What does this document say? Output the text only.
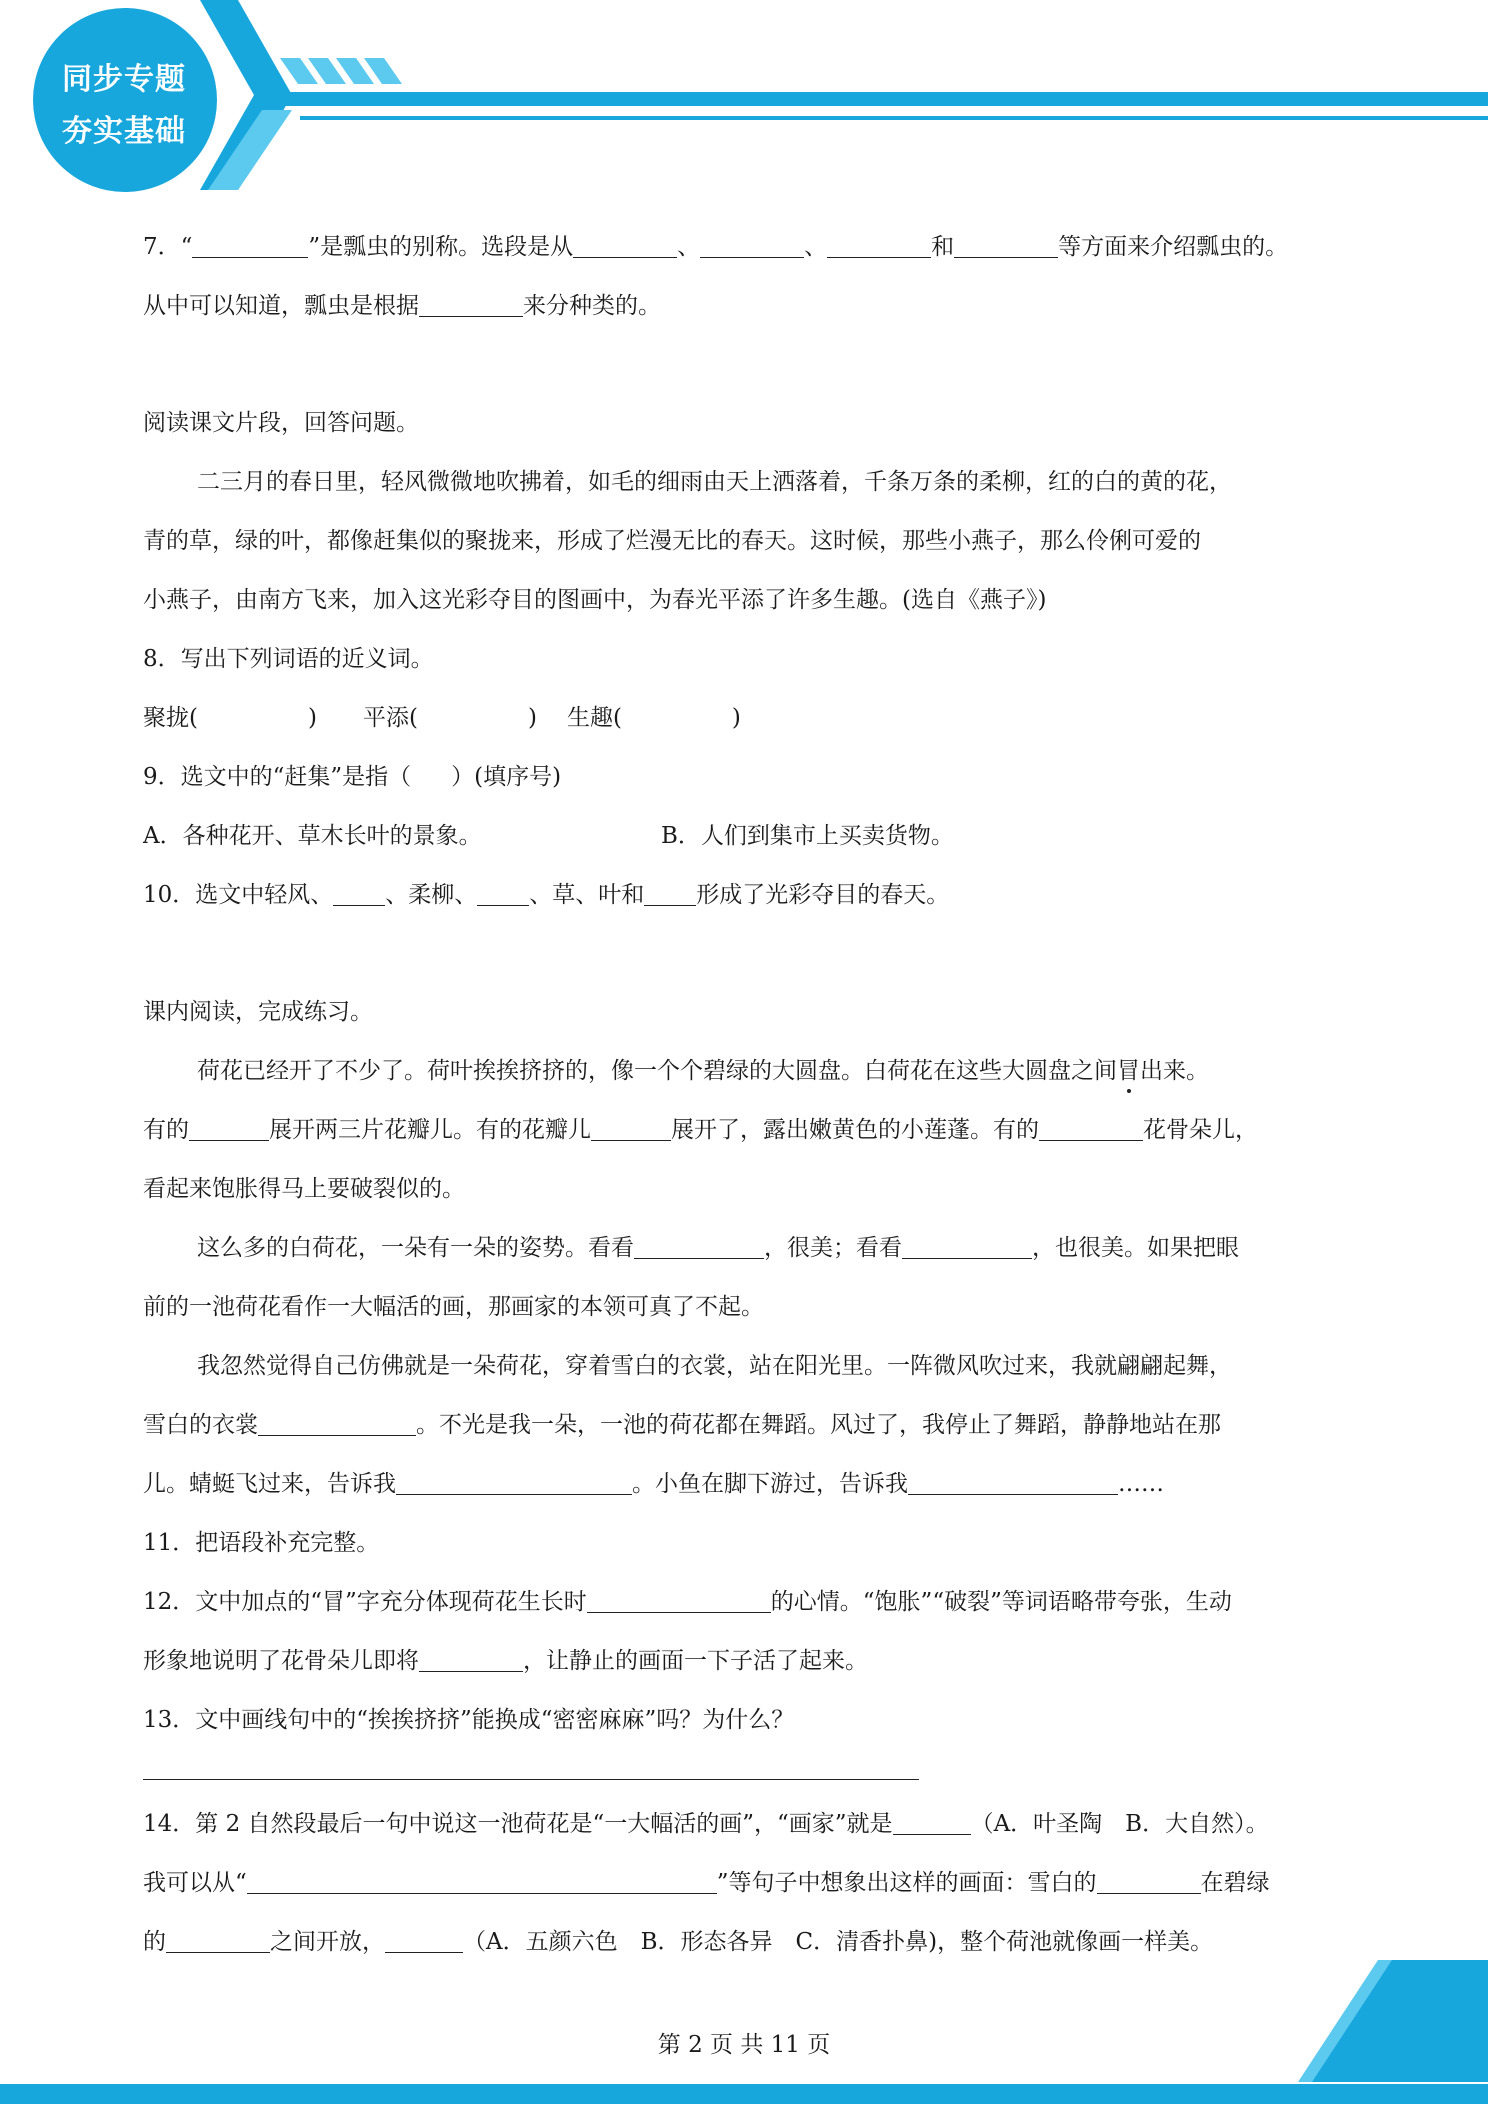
同步专题
夯实基础
7．“	”是瓢虫的别称。选段是从	、	、	和	等方面来介绍瓢虫的。
从中可以知道，瓢虫是根据	来分种类的。
阅读课文片段，回答问题。
二三月的春日里，轻风微微地吹拂着，如毛的细雨由天上洒落着，千条万条的柔柳，红的白的黄的花，
青的草，绿的叶，都像赶集似的聚拢来，形成了烂漫无比的春天。这时候，那些小燕子，那么伶俐可爱的
小燕子，由南方飞来，加入这光彩夺目的图画中，为春光平添了许多生趣。(选自《燕子》)
8．写出下列词语的近义词。
聚拢(	) 平添(	) 生趣(	)
9．选文中的“赶集”是指（ ）(填序号)
A．各种花开、草木长叶的景象。	B．人们到集市上买卖货物。
10．选文中轻风、 、柔柳、 、草、叶和 形成了光彩夺目的春天。
课内阅读，完成练习。
荷花已经开了不少了。荷叶挨挨挤挤的，像一个个碧绿的大圆盘。白荷花在这些大圆盘之间冒出来。
有的	展开两三片花瓣儿。有的花瓣儿	展开了，露出嫩黄色的小莲蓬。有的	花骨朵儿，
看起来饱胀得马上要破裂似的。
这么多的白荷花，一朵有一朵的姿势。看看	，很美；看看	，也很美。如果把眼
前的一池荷花看作一大幅活的画，那画家的本领可真了不起。
我忽然觉得自己仿佛就是一朵荷花，穿着雪白的衣裳，站在阳光里。一阵微风吹过来，我就翩翩起舞，
雪白的衣裳	。不光是我一朵，一池的荷花都在舞蹈。风过了，我停止了舞蹈，静静地站在那
儿。蜻蜓飞过来，告诉我	。小鱼在脚下游过，告诉我	……
11．把语段补充完整。
12．文中加点的“冒”字充分体现荷花生长时	的心情。“饱胀”“破裂”等词语略带夸张，生动
形象地说明了花骨朵儿即将	，让静止的画面一下子活了起来。
13．文中画线句中的“挨挨挤挤”能换成“密密麻麻”吗？为什么？
14．第 2 自然段最后一句中说这一池荷花是“一大幅活的画”，“画家”就是	（A．叶圣陶　B．大自然）。
我可以从“	”等句子中想象出这样的画面：雪白的	在碧绿
的	之间开放，	（A．五颜六色　B．形态各异　C．清香扑鼻)，整个荷池就像画一样美。
第 2 页 共 11 页
